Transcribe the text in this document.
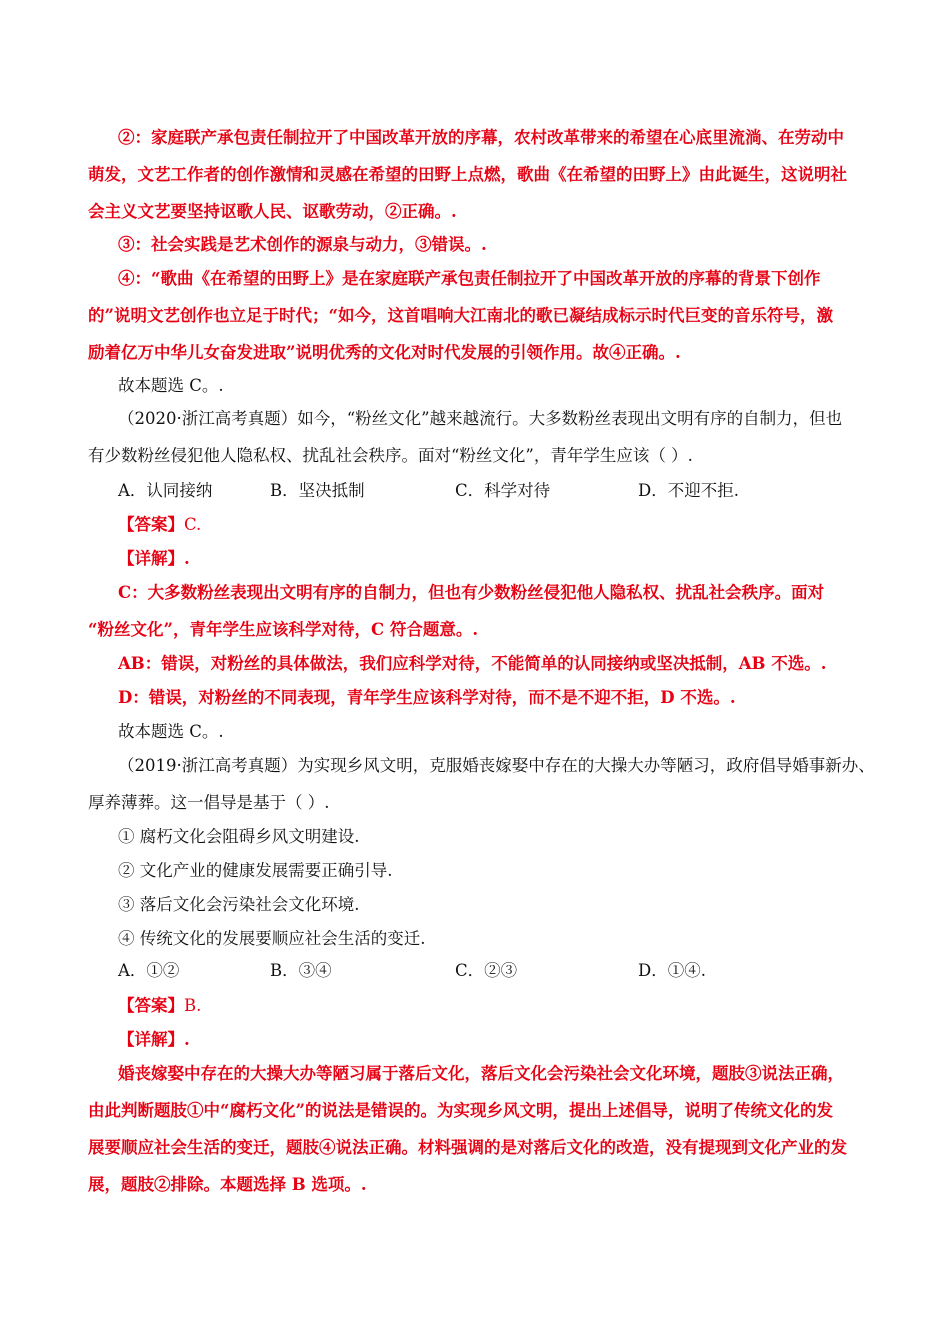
②：家庭联产承包责任制拉开了中国改革开放的序幕，农村改革带来的希望在心底里流淌、在劳动中
萌发，文艺工作者的创作激情和灵感在希望的田野上点燃，歌曲《在希望的田野上》由此诞生，这说明社
会主义文艺要坚持讴歌人民、讴歌劳动，②正确。.
③：社会实践是艺术创作的源泉与动力，③错误。.
④：“歌曲《在希望的田野上》是在家庭联产承包责任制拉开了中国改革开放的序幕的背景下创作
的”说明文艺创作也立足于时代；“如今，这首唱响大江南北的歌已凝结成标示时代巨变的音乐符号，激
励着亿万中华儿女奋发进取”说明优秀的文化对时代发展的引领作用。故④正确。.
故本题选 C。.
（2020·浙江高考真题）如今，“粉丝文化”越来越流行。大多数粉丝表现出文明有序的自制力，但也
有少数粉丝侵犯他人隐私权、扰乱社会秩序。面对“粉丝文化”，青年学生应该（ ）.
A．认同接纳	B．坚决抵制	C．科学对待	D．不迎不拒.
【答案】C.
【详解】.
C：大多数粉丝表现出文明有序的自制力，但也有少数粉丝侵犯他人隐私权、扰乱社会秩序。面对
“粉丝文化”，青年学生应该科学对待，C 符合题意。.
AB：错误，对粉丝的具体做法，我们应科学对待，不能简单的认同接纳或坚决抵制，AB 不选。.
D：错误，对粉丝的不同表现，青年学生应该科学对待，而不是不迎不拒，D 不选。.
故本题选 C。.
（2019·浙江高考真题）为实现乡风文明，克服婚丧嫁娶中存在的大操大办等陋习，政府倡导婚事新办、
厚养薄葬。这一倡导是基于（ ）.
① 腐朽文化会阻碍乡风文明建设.
② 文化产业的健康发展需要正确引导.
③ 落后文化会污染社会文化环境.
④ 传统文化的发展要顺应社会生活的变迁.
A．①②	B．③④	C．②③	D．①④.
【答案】B.
【详解】.
婚丧嫁娶中存在的大操大办等陋习属于落后文化，落后文化会污染社会文化环境，题肢③说法正确，
由此判断题肢①中“腐朽文化”的说法是错误的。为实现乡风文明，提出上述倡导，说明了传统文化的发
展要顺应社会生活的变迁，题肢④说法正确。材料强调的是对落后文化的改造，没有提现到文化产业的发
展，题肢②排除。本题选择 B 选项。.
